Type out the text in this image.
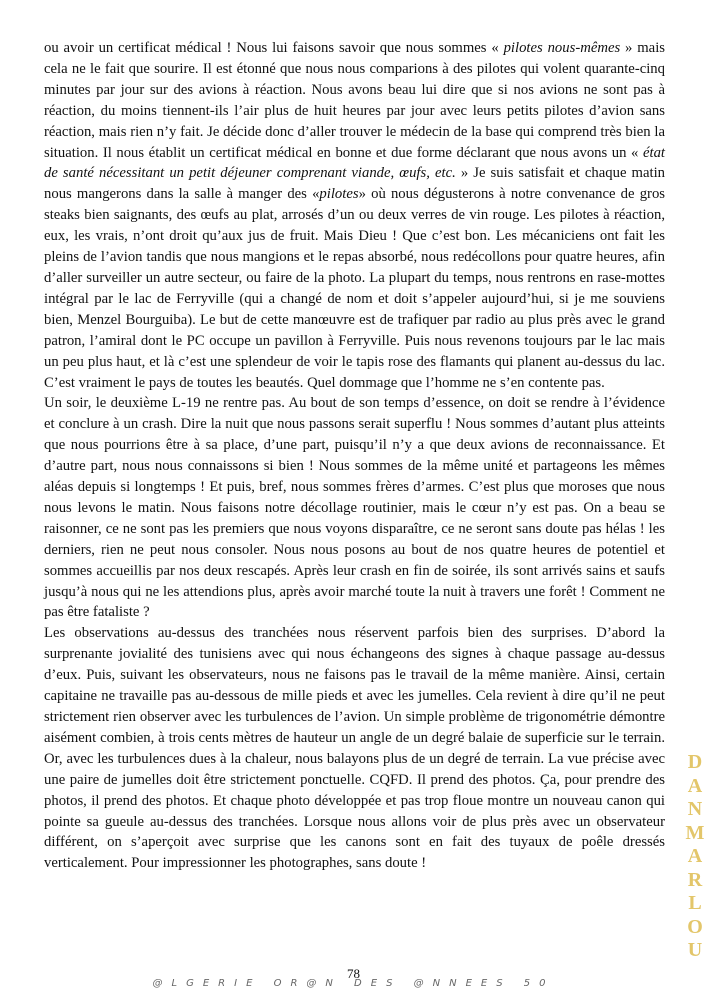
ou avoir un certificat médical ! Nous lui faisons savoir que nous sommes « pilotes nous-mêmes » mais cela ne le fait que sourire. Il est étonné que nous nous comparions à des pilotes qui volent quarante-cinq minutes par jour sur des avions à réaction. Nous avons beau lui dire que si nos avions ne sont pas à réaction, du moins tiennent-ils l’air plus de huit heures par jour avec leurs petits pilotes d’avion sans réaction, mais rien n’y fait. Je décide donc d’aller trouver le médecin de la base qui comprend très bien la situation. Il nous établit un certificat médical en bonne et due forme déclarant que nous avons un « état de santé nécessitant un petit déjeuner comprenant viande, œufs, etc. » Je suis satisfait et chaque matin nous mangerons dans la salle à manger des «pilotes» où nous dégusterons à notre convenance de gros steaks bien saignants, des œufs au plat, arrosés d’un ou deux verres de vin rouge. Les pilotes à réaction, eux, les vrais, n’ont droit qu’aux jus de fruit. Mais Dieu ! Que c’est bon. Les mécaniciens ont fait les pleins de l’avion tandis que nous mangions et le repas absorbé, nous redécollons pour quatre heures, afin d’aller surveiller un autre secteur, ou faire de la photo. La plupart du temps, nous rentrons en rase-mottes intégral par le lac de Ferryville (qui a changé de nom et doit s’appeler aujourd’hui, si je me souviens bien, Menzel Bourguiba). Le but de cette manœuvre est de trafiquer par radio au plus près avec le grand patron, l’amiral dont le PC occupe un pavillon à Ferryville. Puis nous revenons toujours par le lac mais un peu plus haut, et là c’est une splendeur de voir le tapis rose des flamants qui planent au-dessus du lac. C’est vraiment le pays de toutes les beautés. Quel dommage que l’homme ne s’en contente pas.

Un soir, le deuxième L-19 ne rentre pas. Au bout de son temps d’essence, on doit se rendre à l’évidence et conclure à un crash. Dire la nuit que nous passons serait superflu ! Nous sommes d’autant plus atteints que nous pourrions être à sa place, d’une part, puisqu’il n’y a que deux avions de reconnaissance. Et d’autre part, nous nous connaissons si bien ! Nous sommes de la même unité et partageons les mêmes aléas depuis si longtemps ! Et puis, bref, nous sommes frères d’armes. C’est plus que moroses que nous nous levons le matin. Nous faisons notre décollage routinier, mais le cœur n’y est pas. On a beau se raisonner, ce ne sont pas les premiers que nous voyons disparaître, ce ne seront sans doute pas hélas ! les derniers, rien ne peut nous consoler. Nous nous posons au bout de nos quatre heures de potentiel et sommes accueillis par nos deux rescapés. Après leur crash en fin de soirée, ils sont arrivés sains et saufs jusqu’à nous qui ne les attendions plus, après avoir marché toute la nuit à travers une forêt ! Comment ne pas être fataliste ?

Les observations au-dessus des tranchées nous réservent parfois bien des surprises. D’abord la surprenante jovialité des tunisiens avec qui nous échangeons des signes à chaque passage au-dessus d’eux. Puis, suivant les observateurs, nous ne faisons pas le travail de la même manière. Ainsi, certain capitaine ne travaille pas au-dessous de mille pieds et avec les jumelles. Cela revient à dire qu’il ne peut strictement rien observer avec les turbulences de l’avion. Un simple problème de trigonométrie démontre aisément combien, à trois cents mètres de hauteur un angle de un degré balaie de superficie sur le terrain. Or, avec les turbulences dues à la chaleur, nous balayons plus de un degré de terrain. La vue précise avec une paire de jumelles doit être strictement ponctuelle. CQFD. Il prend des photos. Ça, pour prendre des photos, il prend des photos. Et chaque photo développée et pas trop floue montre un nouveau canon qui pointe sa gueule au-dessus des tranchées. Lorsque nous allons voir de plus près avec un observateur différent, on s’aperçoit avec surprise que les canons sont en fait des tuyaux de poêle dressés verticalement. Pour impressionner les photographes, sans doute !

D
A
N
M
A
R
L
O
U
78
@LGERIE OR@N DES @NNEES 50
